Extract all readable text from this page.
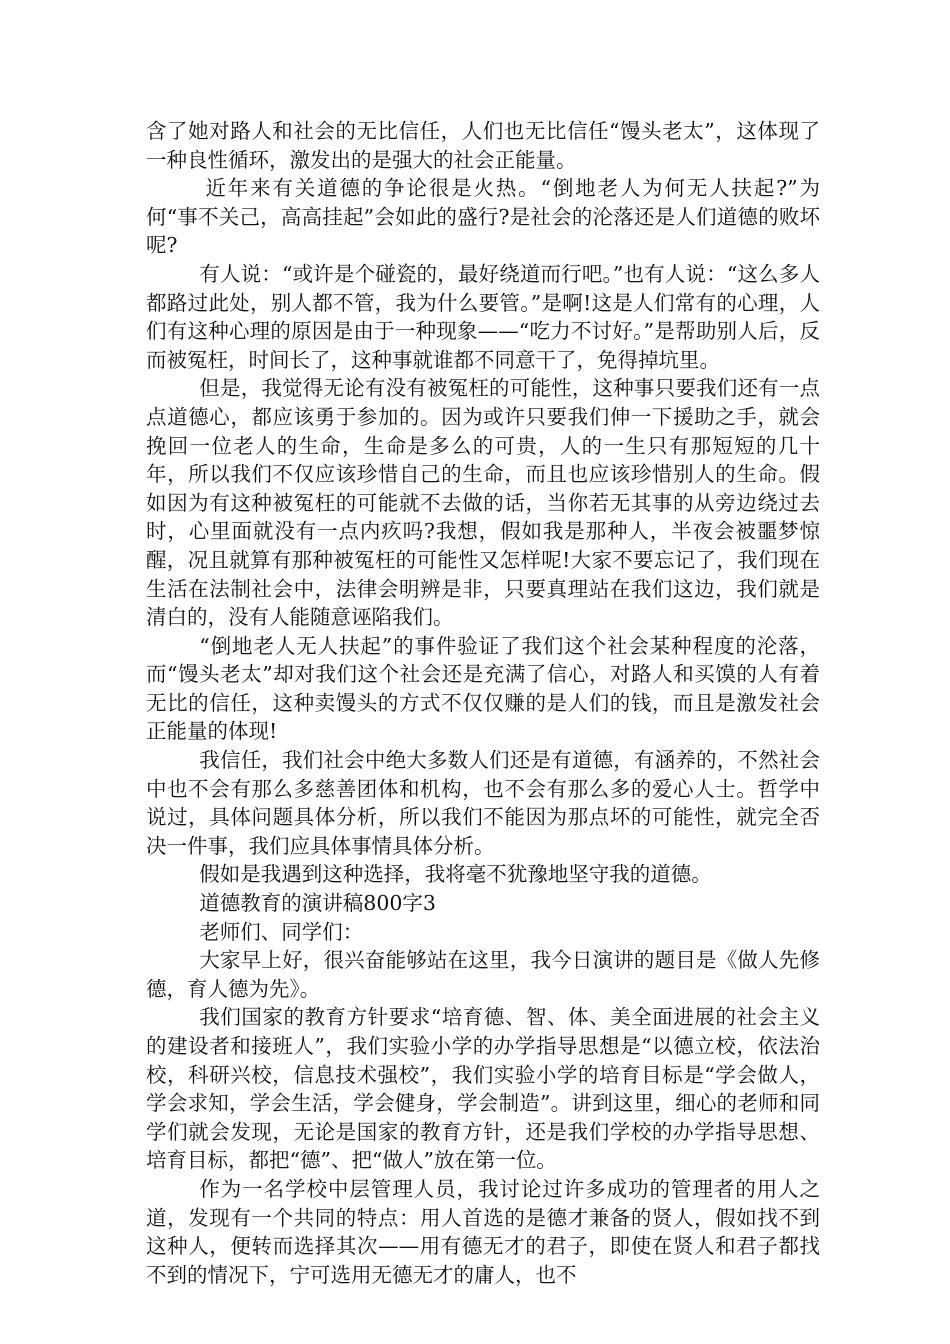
含了她对路人和社会的无比信任，人们也无比信任“馒头老太”，这体现了一种良性循环，激发出的是强大的社会正能量。

近年来有关道德的争论很是火热。“倒地老人为何无人扶起?”为何“事不关己，高高挂起”会如此的盛行?是社会的沦落还是人们道德的败坏呢?

有人说：“或许是个碰瓷的，最好绕道而行吧。”也有人说：“这么多人都路过此处，别人都不管，我为什么要管。”是啊!这是人们常有的心理，人们有这种心理的原因是由于一种现象——“吃力不讨好。”是帮助别人后，反而被冤枉，时间长了，这种事就谁都不同意干了，免得掉坑里。

但是，我觉得无论有没有被冤枉的可能性，这种事只要我们还有一点点道德心，都应该勇于参加的。因为或许只要我们伸一下援助之手，就会挽回一位老人的生命，生命是多么的可贵，人的一生只有那短短的几十年，所以我们不仅应该珍惜自己的生命，而且也应该珍惜别人的生命。假如因为有这种被冤枉的可能就不去做的话，当你若无其事的从旁边绕过去时，心里面就没有一点内疚吗?我想，假如我是那种人，半夜会被噩梦惊醒，况且就算有那种被冤枉的可能性又怎样呢!大家不要忘记了，我们现在生活在法制社会中，法律会明辨是非，只要真理站在我们这边，我们就是清白的，没有人能随意诬陷我们。

“倒地老人无人扶起”的事件验证了我们这个社会某种程度的沦落，而“馒头老太”却对我们这个社会还是充满了信心，对路人和买馍的人有着无比的信任，这种卖馒头的方式不仅仅赚的是人们的钱，而且是激发社会正能量的体现!

我信任，我们社会中绝大多数人们还是有道德，有涵养的，不然社会中也不会有那么多慈善团体和机构，也不会有那么多的爱心人士。哲学中说过，具体问题具体分析，所以我们不能因为那点坏的可能性，就完全否决一件事，我们应具体事情具体分析。

假如是我遇到这种选择，我将毫不犹豫地坚守我的道德。

道德教育的演讲稿800字3

老师们、同学们：

大家早上好，很兴奋能够站在这里，我今日演讲的题目是《做人先修德，育人德为先》。

我们国家的教育方针要求“培育德、智、体、美全面进展的社会主义的建设者和接班人”，我们实验小学的办学指导思想是“以德立校，依法治校，科研兴校，信息技术强校”，我们实验小学的培育目标是“学会做人，学会求知，学会生活，学会健身，学会制造”。讲到这里，细心的老师和同学们就会发现，无论是国家的教育方针，还是我们学校的办学指导思想、培育目标，都把“德”、把“做人”放在第一位。

作为一名学校中层管理人员，我讨论过许多成功的管理者的用人之道，发现有一个共同的特点：用人首选的是德才兼备的贤人，假如找不到这种人，便转而选择其次——用有德无才的君子，即使在贤人和君子都找不到的情况下，宁可选用无德无才的庸人，也不
